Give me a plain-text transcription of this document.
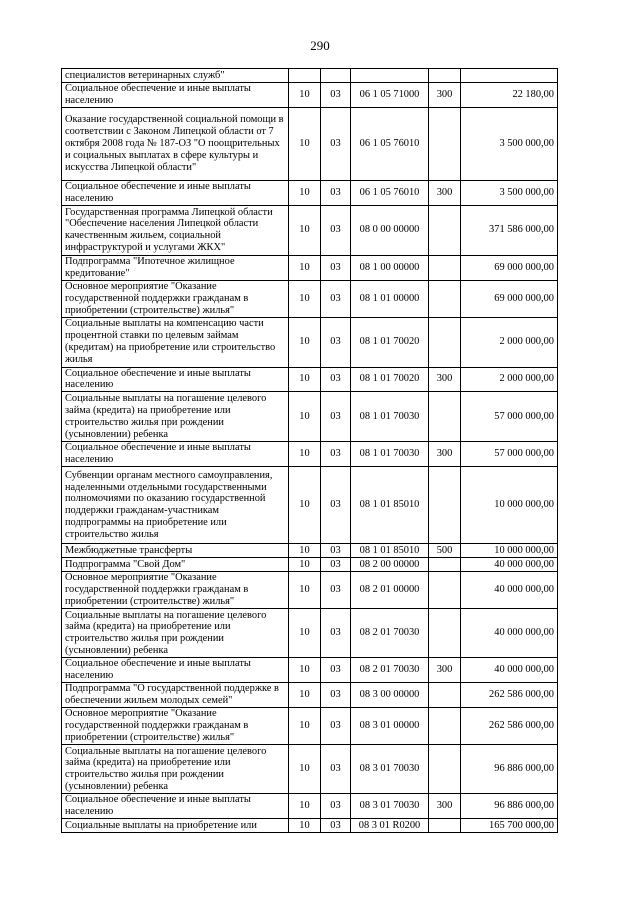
290
специалистов ветеринарных служб"					
Социальное обеспечение и иные выплаты населению	10	03	06 1 05 71000	300	22 180,00
Оказание государственной социальной помощи в соответствии с Законом Липецкой области от 7 октября 2008 года № 187-ОЗ "О поощрительных и социальных выплатах в сфере культуры и искусства Липецкой области"	10	03	06 1 05 76010		3 500 000,00
Социальное обеспечение и иные выплаты населению	10	03	06 1 05 76010	300	3 500 000,00
Государственная программа Липецкой области "Обеспечение населения Липецкой области качественным жильем, социальной инфраструктурой и услугами ЖКХ"	10	03	08 0 00 00000		371 586 000,00
Подпрограмма "Ипотечное жилищное кредитование"	10	03	08 1 00 00000		69 000 000,00
Основное мероприятие "Оказание государственной поддержки гражданам в приобретении (строительстве) жилья"	10	03	08 1 01 00000		69 000 000,00
Социальные выплаты на компенсацию части процентной ставки по целевым займам (кредитам) на приобретение или строительство жилья	10	03	08 1 01 70020		2 000 000,00
Социальное обеспечение и иные выплаты населению	10	03	08 1 01 70020	300	2 000 000,00
Социальные выплаты на погашение целевого займа (кредита) на приобретение или строительство жилья при рождении (усыновлении) ребенка	10	03	08 1 01 70030		57 000 000,00
Социальное обеспечение и иные выплаты населению	10	03	08 1 01 70030	300	57 000 000,00
Субвенции органам местного самоуправления, наделенными отдельными государственными полномочиями по оказанию государственной поддержки гражданам-участникам подпрограммы на приобретение или строительство жилья	10	03	08 1 01 85010		10 000 000,00
Межбюджетные трансферты	10	03	08 1 01 85010	500	10 000 000,00
Подпрограмма "Свой Дом"	10	03	08 2 00 00000		40 000 000,00
Основное мероприятие "Оказание государственной поддержки гражданам в приобретении (строительстве) жилья"	10	03	08 2 01 00000		40 000 000,00
Социальные выплаты на погашение целевого займа (кредита) на приобретение или строительство жилья при рождении (усыновлении) ребенка	10	03	08 2 01 70030		40 000 000,00
Социальное обеспечение и иные выплаты населению	10	03	08 2 01 70030	300	40 000 000,00
Подпрограмма "О государственной поддержке в обеспечении жильем молодых семей"	10	03	08 3 00 00000		262 586 000,00
Основное мероприятие "Оказание государственной поддержки гражданам в приобретении (строительстве) жилья"	10	03	08 3 01 00000		262 586 000,00
Социальные выплаты на погашение целевого займа (кредита) на приобретение или строительство жилья при рождении (усыновлении) ребенка	10	03	08 3 01 70030		96 886 000,00
Социальное обеспечение и иные выплаты населению	10	03	08 3 01 70030	300	96 886 000,00
Социальные выплаты на приобретение или	10	03	08 3 01 R0200		165 700 000,00
